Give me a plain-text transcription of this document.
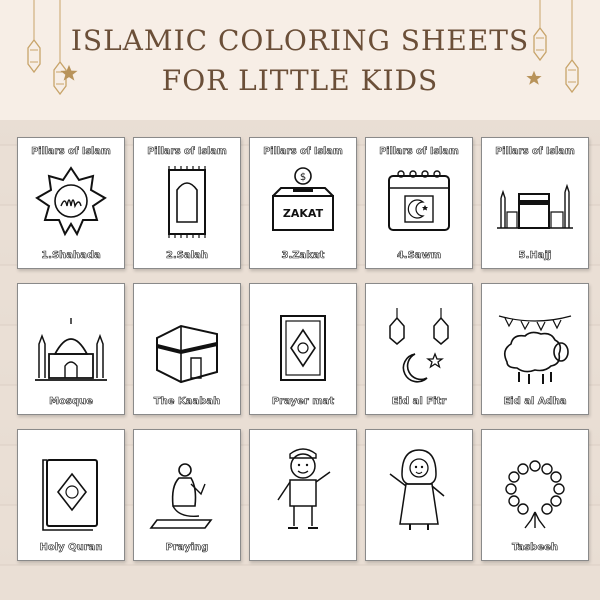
ISLAMIC COLORING SHEETS
FOR LITTLE KIDS
Pillars of Islam
1.Shahada
Pillars of Islam
2.Salah
Pillars of Islam
$
ZAKAT
3.Zakat
Pillars of Islam
4.Sawm
Pillars of Islam
5.Hajj
Mosque	The Kaabah	Prayer mat	Eid al Fitr	Eid al Adha
Holy Quran	Praying	Tasbeeh
